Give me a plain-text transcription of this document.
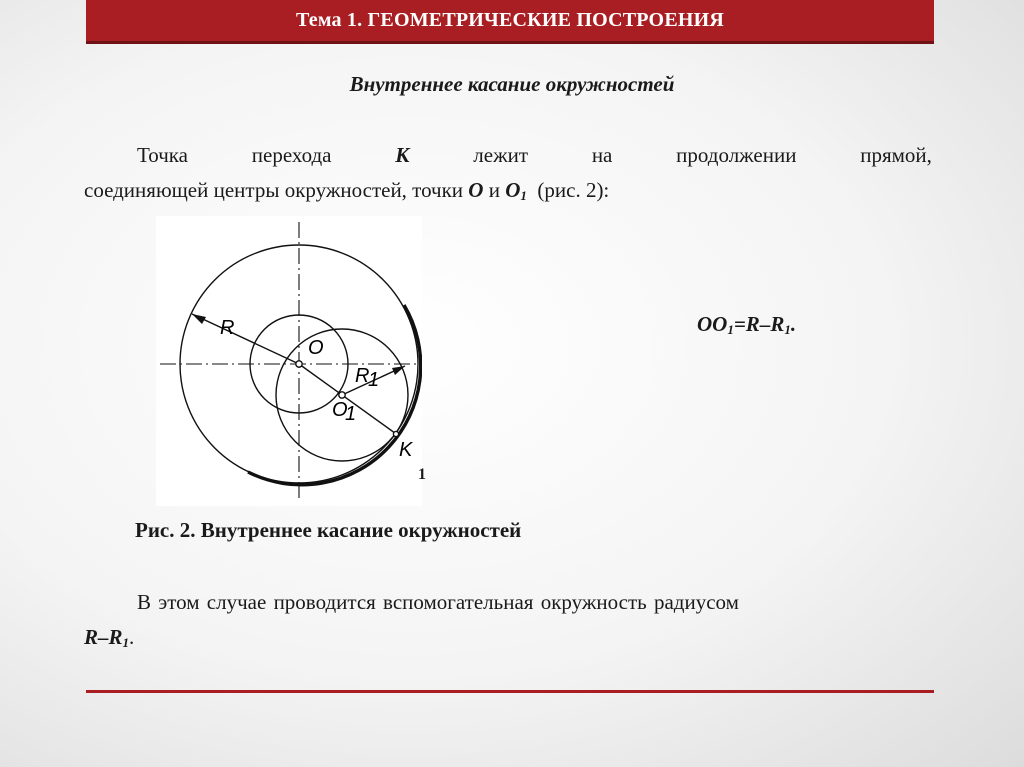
Тема 1. ГЕОМЕТРИЧЕСКИЕ ПОСТРОЕНИЯ
Внутреннее касание окружностей
Точка	перехода	К	лежит	на	продолжении	прямой,
соединяющей центры окружностей, точки
O
и
$O_1$
(рис. 2):
R
O
R
1
O
1
K
1
$OO_1=R-R_1$.
Рис. 2. Внутреннее касание окружностей
В этом случае проводится вспомогательная окружность радиусом
$R-R_1$ .
